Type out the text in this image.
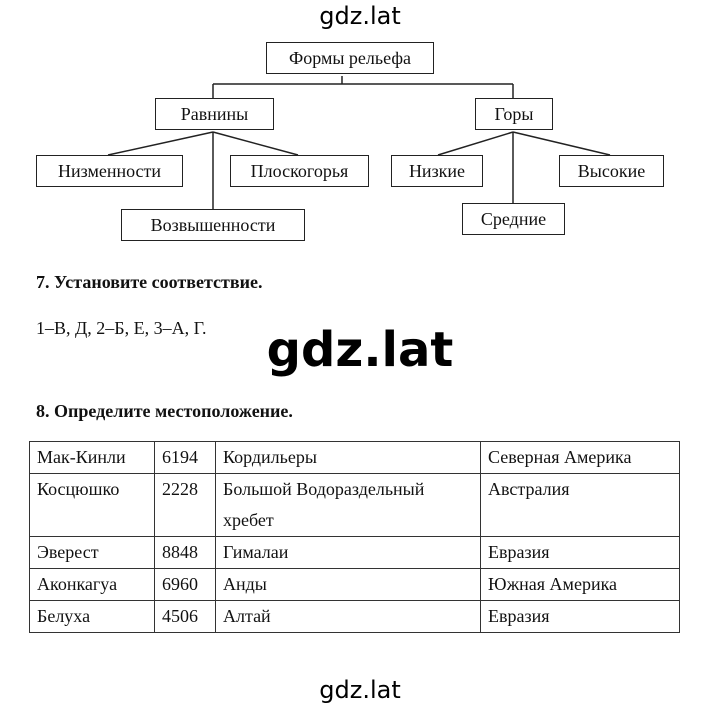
gdz.lat
Формы рельефа
Равнины	Горы
Низменности
Возвышенности
Плоскогорья	Низкие
Средние
Высокие
7. Установите соответствие.
1–В, Д, 2–Б, Е, 3–А, Г.	gdz.lat
8. Определите местоположение.
Мак-Кинли	6194	Кордильеры	Северная Америка
Косцюшко	2228	Большой Водораздельный хребет	Австралия
Эверест	8848	Гималаи	Евразия
Аконкагуа	6960	Анды	Южная Америка
Белуха	4506	Алтай	Евразия
gdz.lat
